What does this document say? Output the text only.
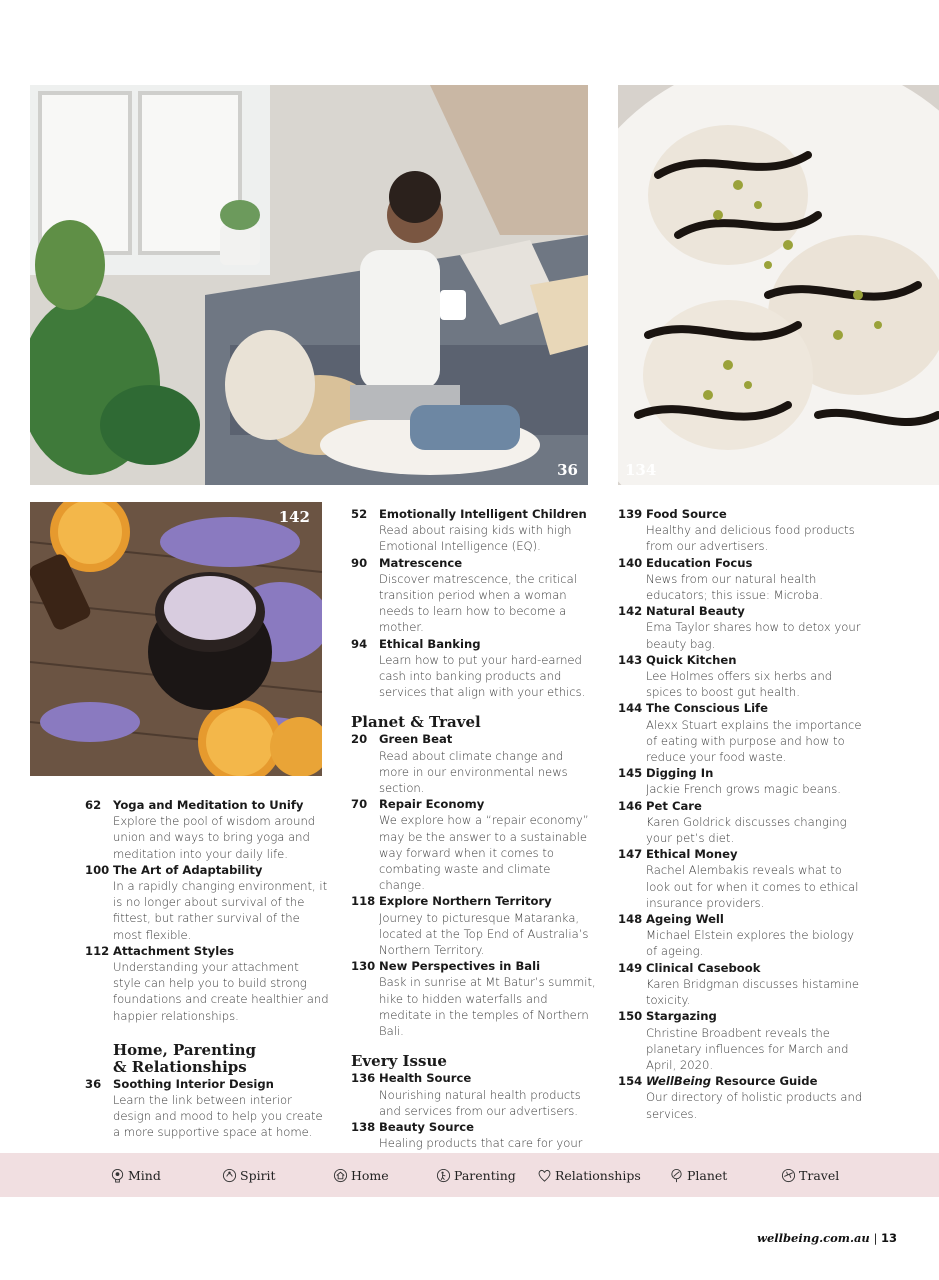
36	134
142
62 Yoga and Meditation to Unify
Explore the pool of wisdom around union and ways to bring yoga and meditation into your daily life.
100 The Art of Adaptability
In a rapidly changing environment, it is no longer about survival of the fittest, but rather survival of the most flexible.
112 Attachment Styles
Understanding your attachment style can help you to build strong foundations and create healthier and happier relationships.
Home, Parenting
& Relationships
36 Soothing Interior Design
Learn the link between interior design and mood to help you create a more supportive space at home.
52 Emotionally Intelligent Children
Read about raising kids with high Emotional Intelligence (EQ).
90 Matrescence
Discover matrescence, the critical transition period when a woman needs to learn how to become a mother.
94 Ethical Banking
Learn how to put your hard-earned cash into banking products and services that align with your ethics.
Planet & Travel
20 Green Beat
Read about climate change and more in our environmental news section.
70 Repair Economy
We explore how a “repair economy” may be the answer to a sustainable way forward when it comes to combating waste and climate change.
118 Explore Northern Territory
Journey to picturesque Mataranka, located at the Top End of Australia’s Northern Territory.
130 New Perspectives in Bali
Bask in sunrise at Mt Batur’s summit, hike to hidden waterfalls and meditate in the temples of Northern Bali.
Every Issue
136 Health Source
Nourishing natural health products and services from our advertisers.
138 Beauty Source
Healing products that care for your
139 Food Source
Healthy and delicious food products from our advertisers.
140 Education Focus
News from our natural health educators; this issue: Microba.
142 Natural Beauty
Ema Taylor shares how to detox your beauty bag.
143 Quick Kitchen
Lee Holmes offers six herbs and spices to boost gut health.
144 The Conscious Life
Alexx Stuart explains the importance of eating with purpose and how to reduce your food waste.
145 Digging In
Jackie French grows magic beans.
146 Pet Care
Karen Goldrick discusses changing your pet’s diet.
147 Ethical Money
Rachel Alembakis reveals what to look out for when it comes to ethical insurance providers.
148 Ageing Well
Michael Elstein explores the biology of ageing.
149 Clinical Casebook
Karen Bridgman discusses histamine toxicity.
150 Stargazing
Christine Broadbent reveals the planetary influences for March and April, 2020.
154 WellBeing Resource Guide
Our directory of holistic products and services.
Mind	Spirit	Home	Parenting	Relationships	Planet	Travel
wellbeing.com.au | 13
